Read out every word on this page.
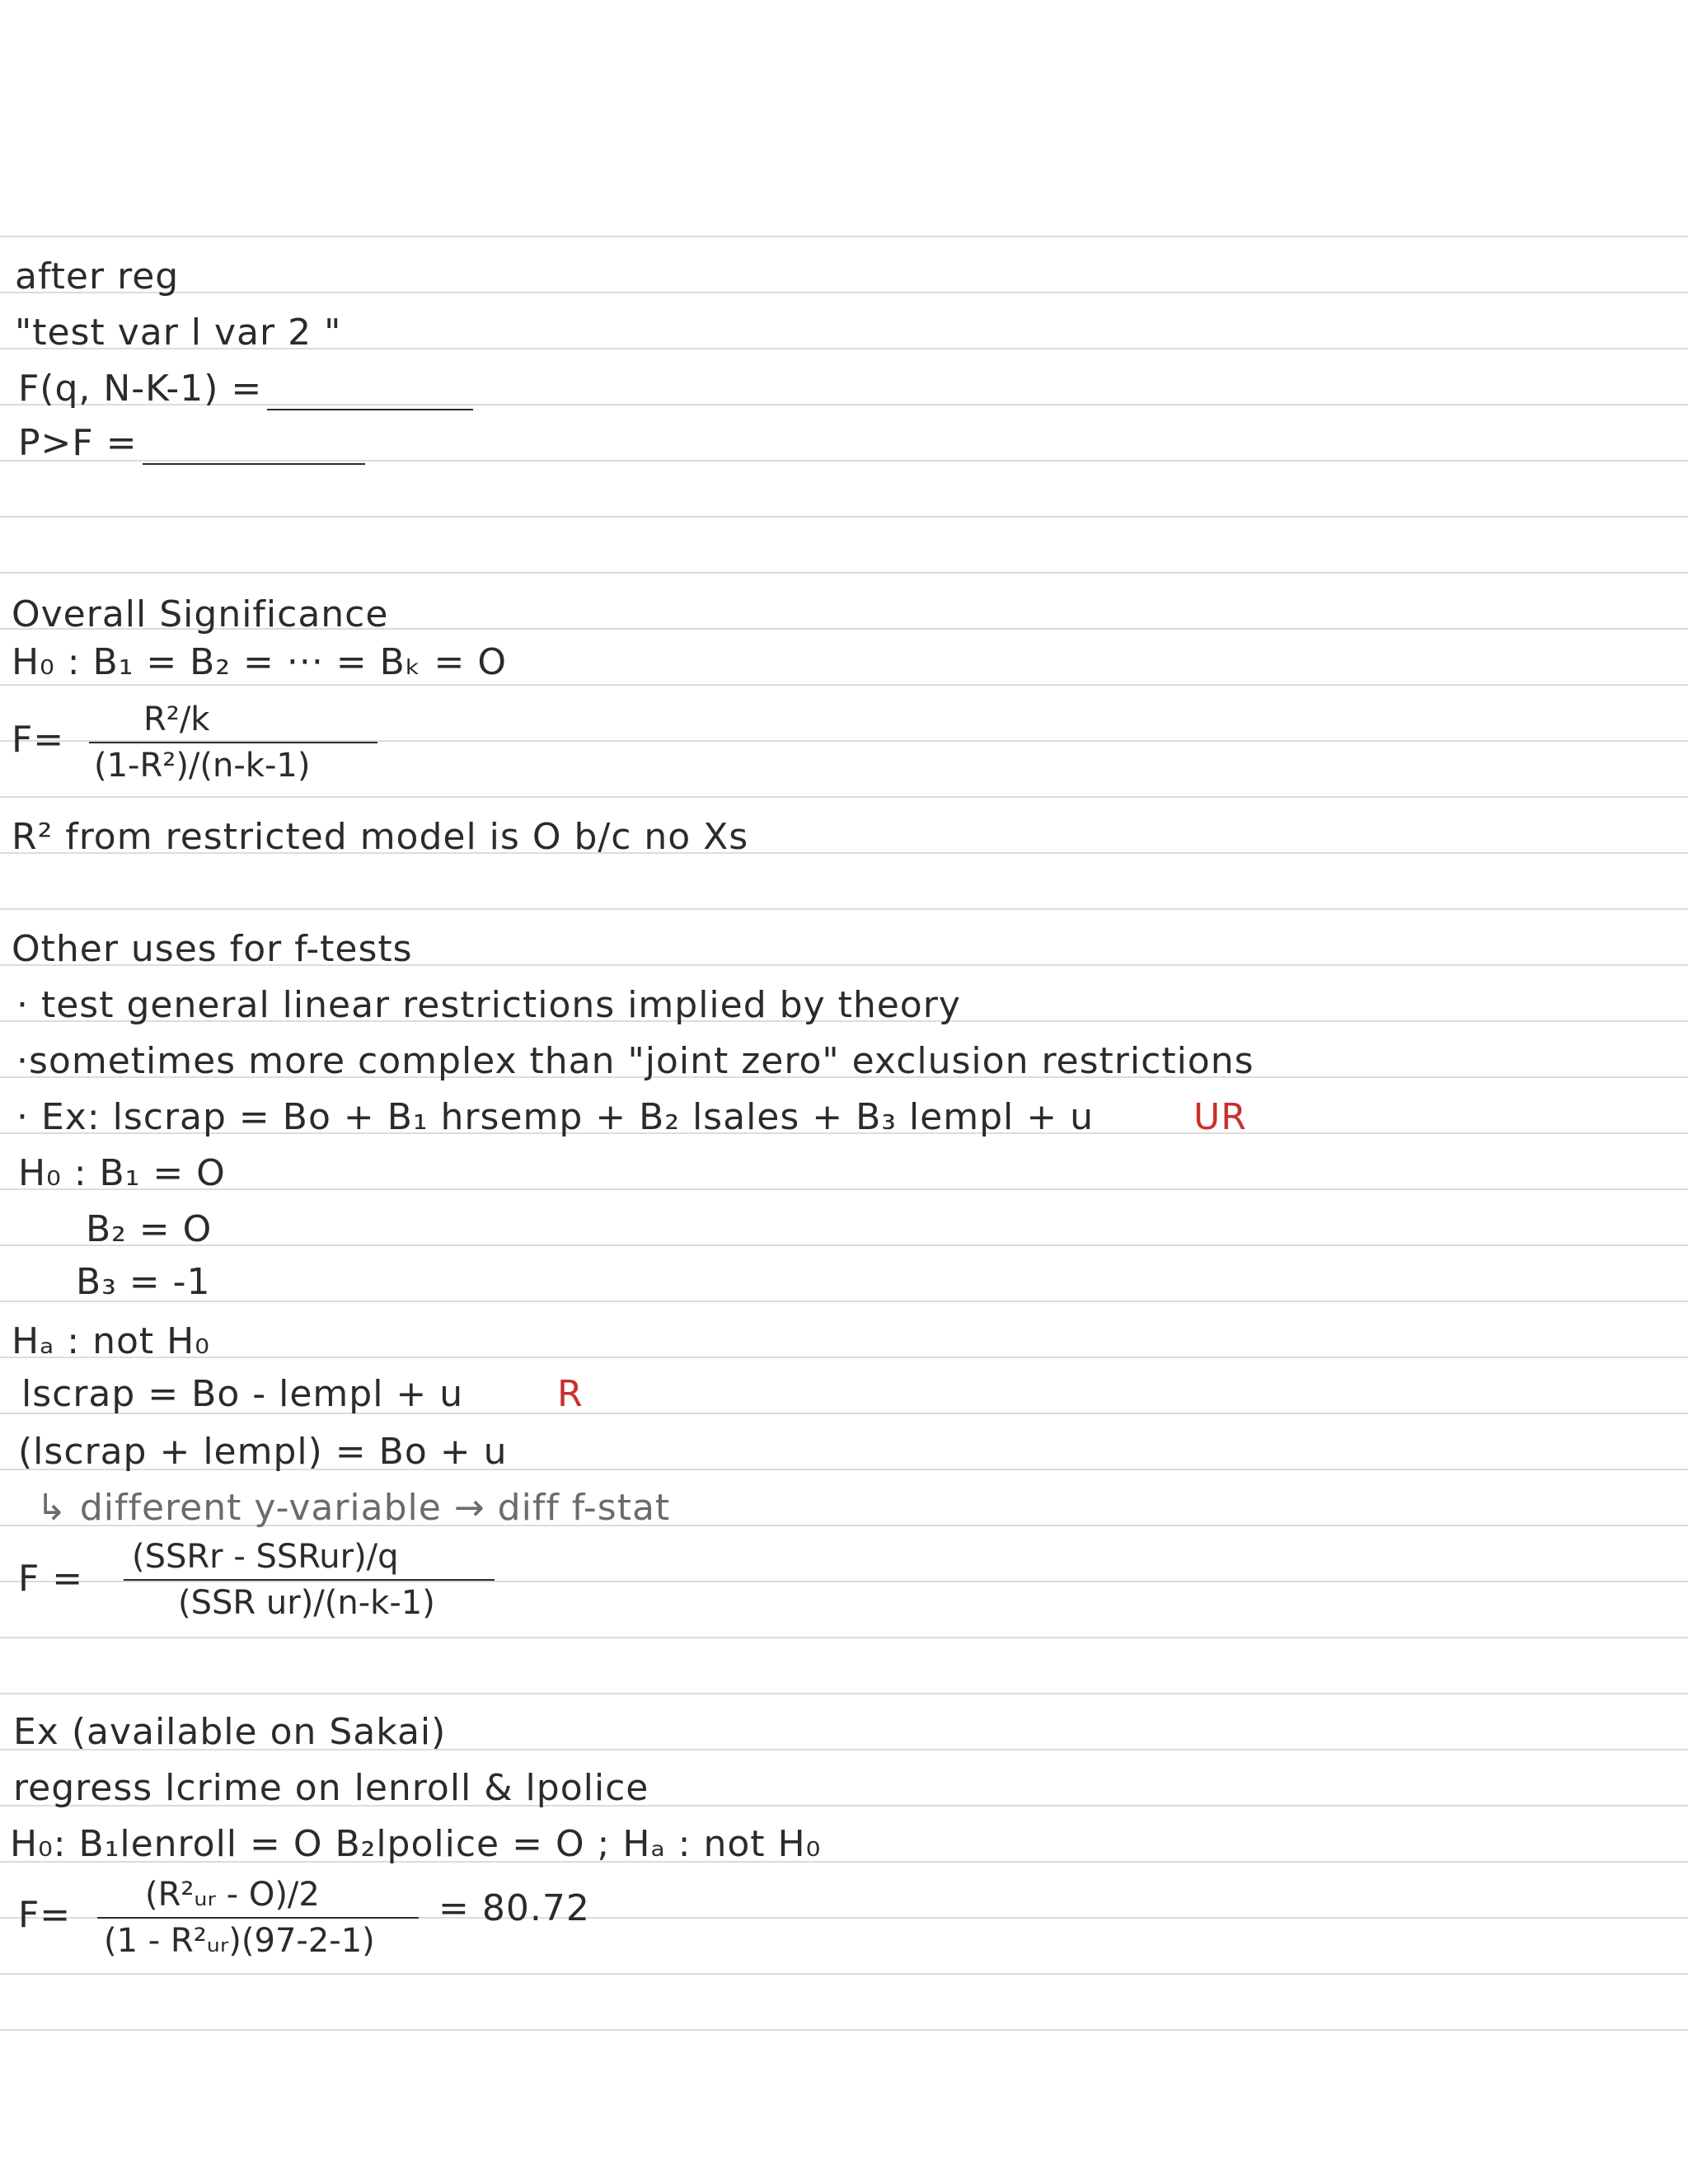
after reg
"test var l var 2 "
F(q, N-K-1) =
P>F =
Overall Significance
H₀ : B₁ = B₂ = ··· = Bₖ = O
F= R²/k
(1-R²)/(n-k-1)
R² from restricted model is O b/c no Xs
Other uses for f-tests
· test general linear restrictions implied by theory
·sometimes more complex than "joint zero" exclusion restrictions
· Ex: lscrap = Bo + B₁ hrsemp + B₂ lsales + B₃ lempl + u	UR
H₀ : B₁ = O
B₂ = O
B₃ = -1
Hₐ : not H₀
lscrap = Bo - lempl + u	R
(lscrap + lempl) = Bo + u
↳ different y-variable → diff f-stat
F =
(SSRr - SSRur)/q
(SSR ur)/(n-k-1)
Ex (available on Sakai)
regress lcrime on lenroll & lpolice
H₀: B₁lenroll = O B₂lpolice = O ; Hₐ : not H₀
F= (R²ᵤᵣ - O)/2
(1 - R²ᵤᵣ)(97-2-1)
= 80.72
